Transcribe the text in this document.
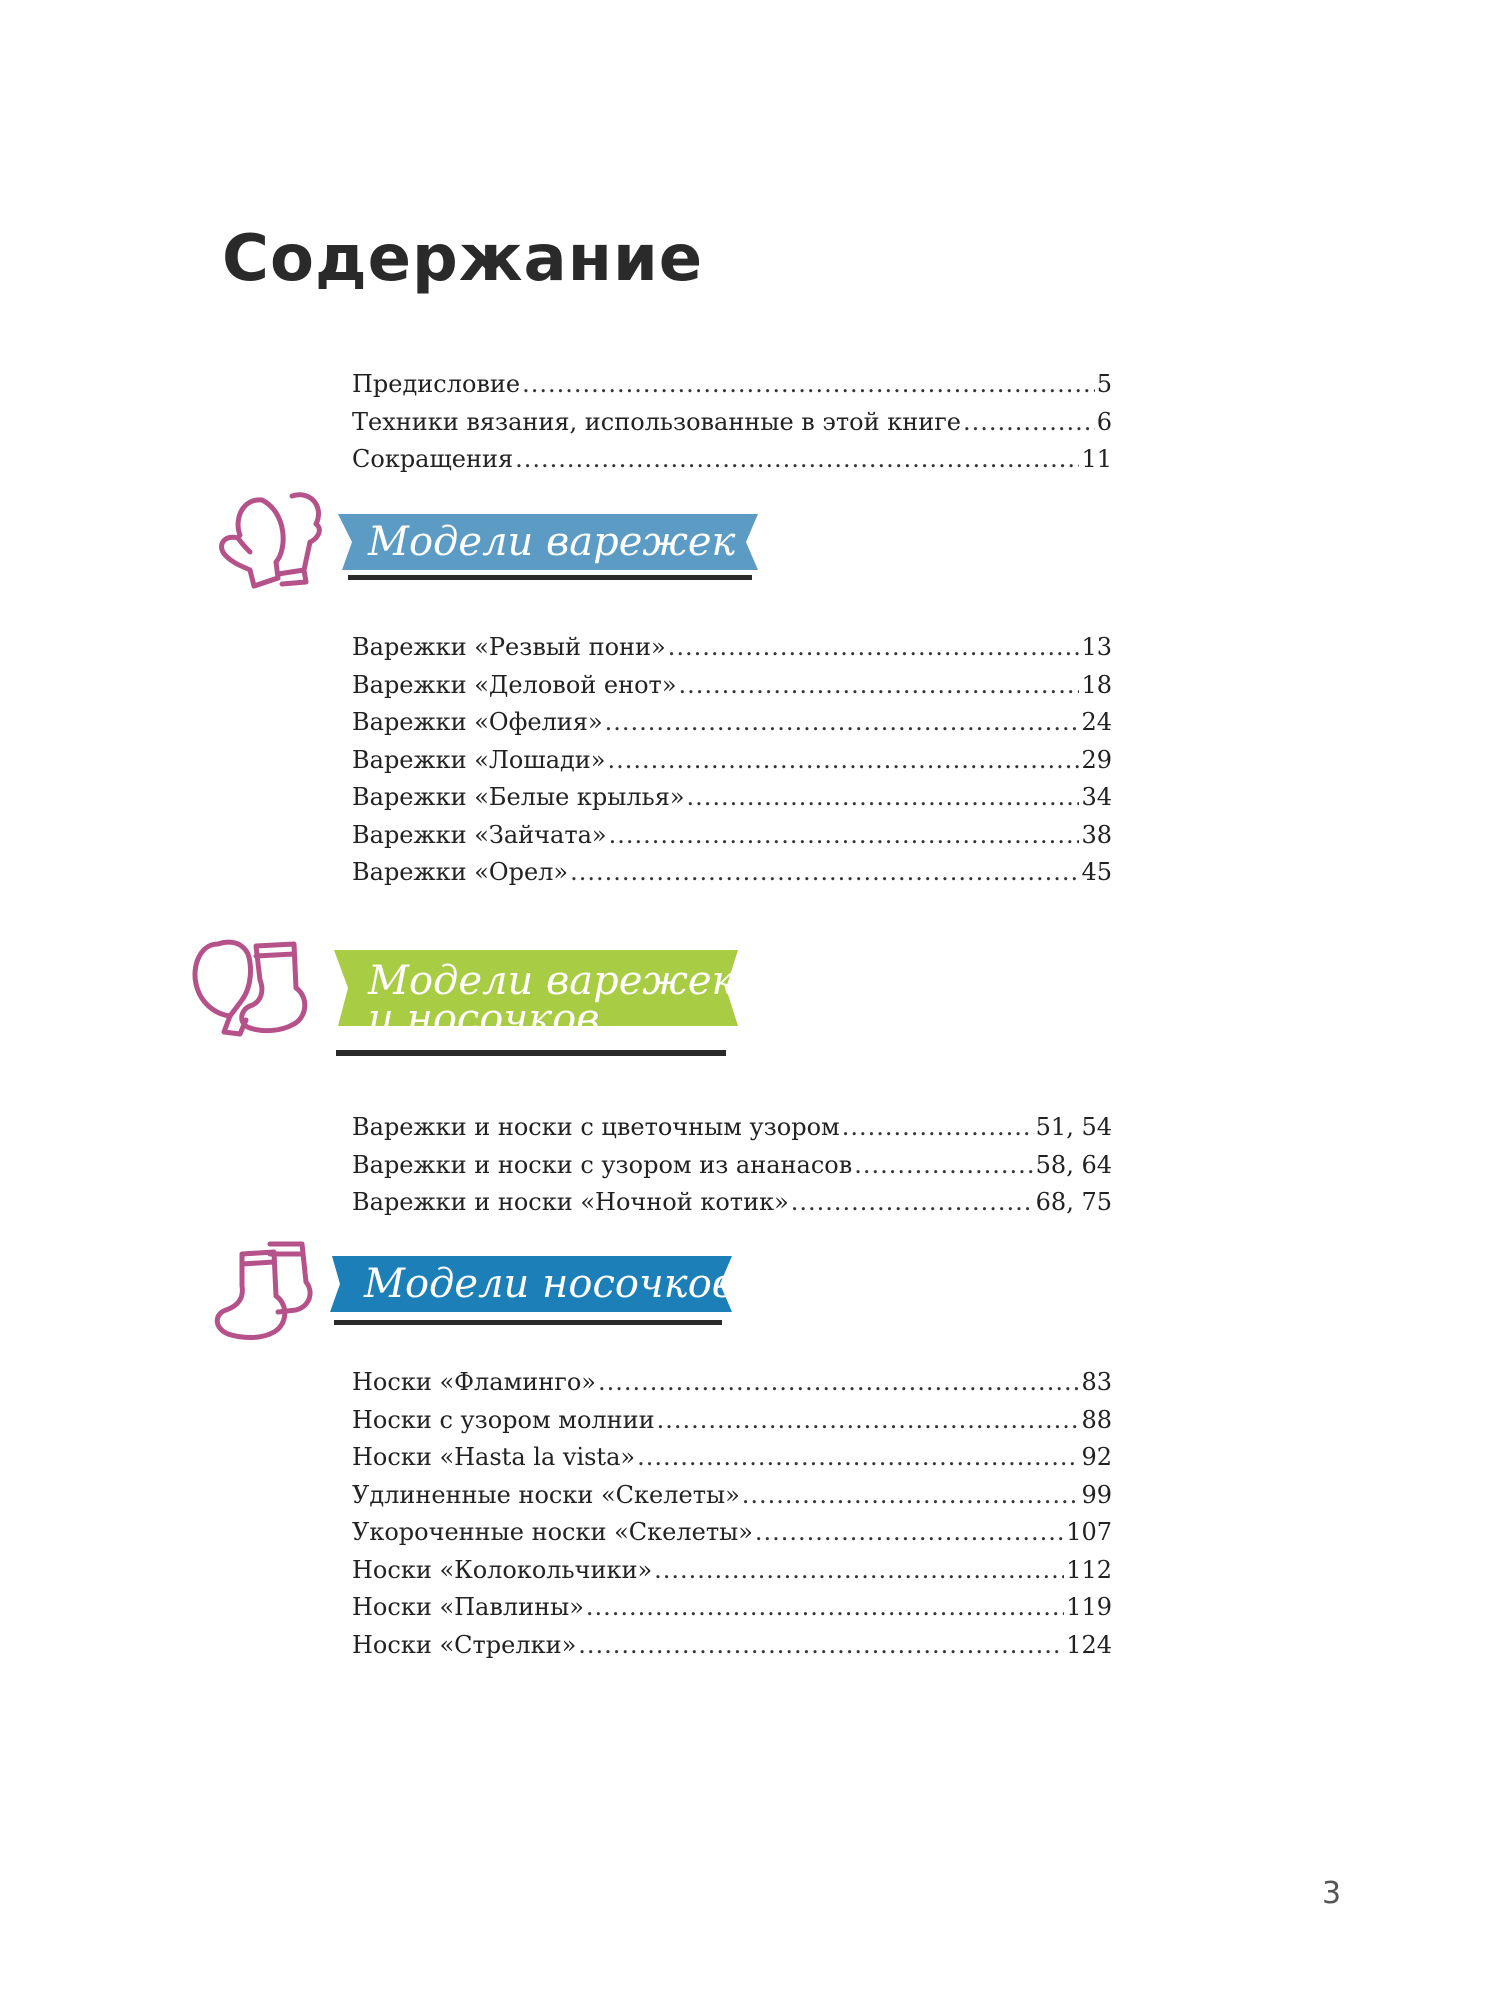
Содержание
Предисловие .....	5
Техники вязания, использованные в этой книге .....	6
Сокращения .....	11
Модели варежек
Варежки «Резвый пони» .....	13
Варежки «Деловой енот» .....	18
Варежки «Офелия» .....	24
Варежки «Лошади» .....	29
Варежки «Белые крылья» .....	34
Варежки «Зайчата» .....	38
Варежки «Орел» .....	45
Модели варежек
и носочков
Варежки и носки с цветочным узором .....	51, 54
Варежки и носки с узором из ананасов .....	58, 64
Варежки и носки «Ночной котик» .....	68, 75
Модели носочков
Носки «Фламинго» .....	83
Носки с узором молнии .....	88
Носки «Hasta la vista» .....	92
Удлиненные носки «Скелеты» .....	99
Укороченные носки «Скелеты» .....	107
Носки «Колокольчики» .....	112
Носки «Павлины» .....	119
Носки «Стрелки» .....	124
3
